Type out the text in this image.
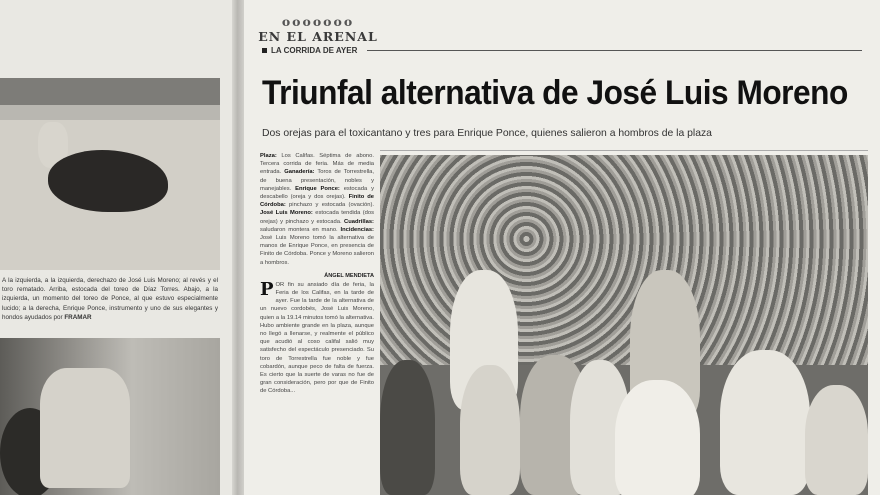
A la izquierda, a la izquierda, derechazo de José Luis Moreno; al revés y el toro rematado. Arriba, estocada del toreo de Díaz Torres. Abajo, a la izquierda, un momento del toreo de Ponce, al que estuvo especialmente lucido; a la derecha, Enrique Ponce, instrumento y uno de sus elegantes y hondos ayudados por FRAMAR
ooooooo
EN EL ARENAL
LA CORRIDA DE AYER
Triunfal alternativa de José Luis Moreno
Dos orejas para el toxicantano y tres para Enrique Ponce, quienes salieron a hombros de la plaza
Plaza: Los Califas. Séptima de abono. Tercera corrida de feria. Más de media entrada. Ganadería: Toros de Torrestrella, de buena presentación, nobles y manejables. Enrique Ponce: estocada y descabello (oreja y dos orejas). Finito de Córdoba: pinchazo y estocada (ovación). José Luis Moreno: estocada tendida (dos orejas) y pinchazo y estocada. Cuadrillas: saludaron montera en mano. Incidencias: José Luis Moreno tomó la alternativa de manos de Enrique Ponce, en presencia de Finito de Córdoba. Ponce y Moreno salieron a hombros.
ÁNGEL MENDIETA
P OR fin su ansiado día de feria, la Feria de los Califas, en la tarde de ayer. Fue la tarde de la alternativa de un nuevo cordobés, José Luis Moreno, quien a la 19.14 minutos tomó la alternativa. Hubo ambiente grande en la plaza, aunque no llegó a llenarse, y realmente el público que acudió al coso califal salió muy satisfecho del espectáculo presenciado. Su toro de Torrestrella fue noble y fue cobardón, aunque peco de falta de fuerza. Es cierto que la suerte de varas no fue de gran consideración, pero por que de Finito de Córdoba...
